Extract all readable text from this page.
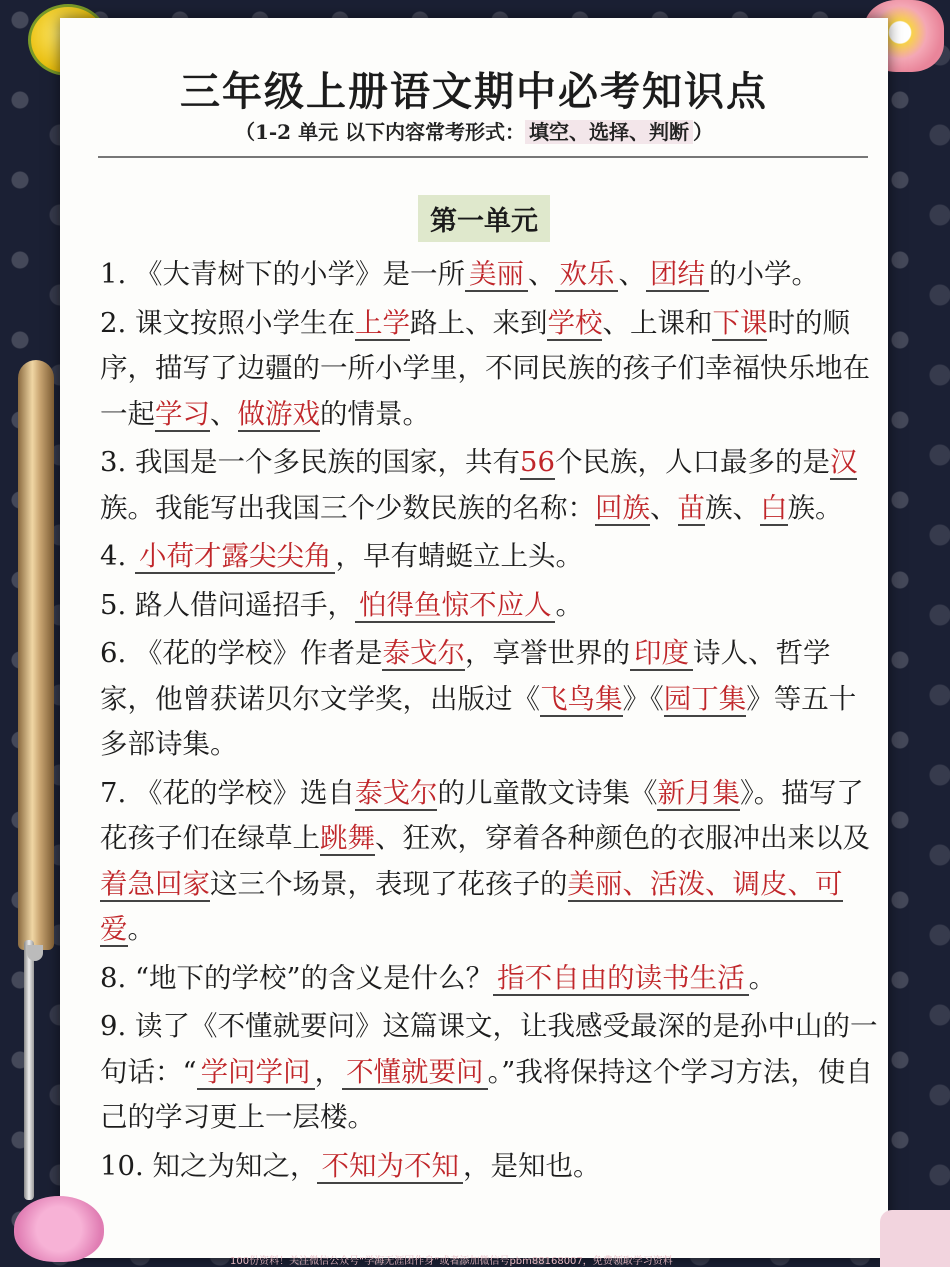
三年级上册语文期中必考知识点
（1-2 单元 以下内容常考形式： 填空、选择、判断 ）
第一单元
1. 《大青树下的小学》是一所 美丽 、 欢乐 、 团结 的小学。
2. 课文按照小学生在上学路上、来到学校、上课和下课时的顺序，描写了边疆的一所小学里，不同民族的孩子们幸福快乐地在一起学习、做游戏的情景。
3. 我国是一个多民族的国家，共有56个民族，人口最多的是汉族。我能写出我国三个少数民族的名称：回族、苗族、白族。
4. 小荷才露尖尖角 ，早有蜻蜓立上头。
5. 路人借问遥招手， 怕得鱼惊不应人 。
6. 《花的学校》作者是泰戈尔，享誉世界的 印度 诗人、哲学家，他曾获诺贝尔文学奖，出版过《飞鸟集》《园丁集》等五十多部诗集。
7. 《花的学校》选自泰戈尔的儿童散文诗集《新月集》。描写了花孩子们在绿草上跳舞、狂欢，穿着各种颜色的衣服冲出来以及着急回家这三个场景，表现了花孩子的美丽、活泼、调皮、可爱。
8. “地下的学校”的含义是什么？ 指不自由的读书生活 。
9. 读了《不懂就要问》这篇课文，让我感受最深的是孙中山的一句话：“ 学问学问 ， 不懂就要问 。”我将保持这个学习方法，使自己的学习更上一层楼。
10. 知之为知之， 不知为不知 ，是知也。
100份资料！关注微信公众号“学海无涯团作身”或者添加微信号pbm88168007，免费领取学习资料
